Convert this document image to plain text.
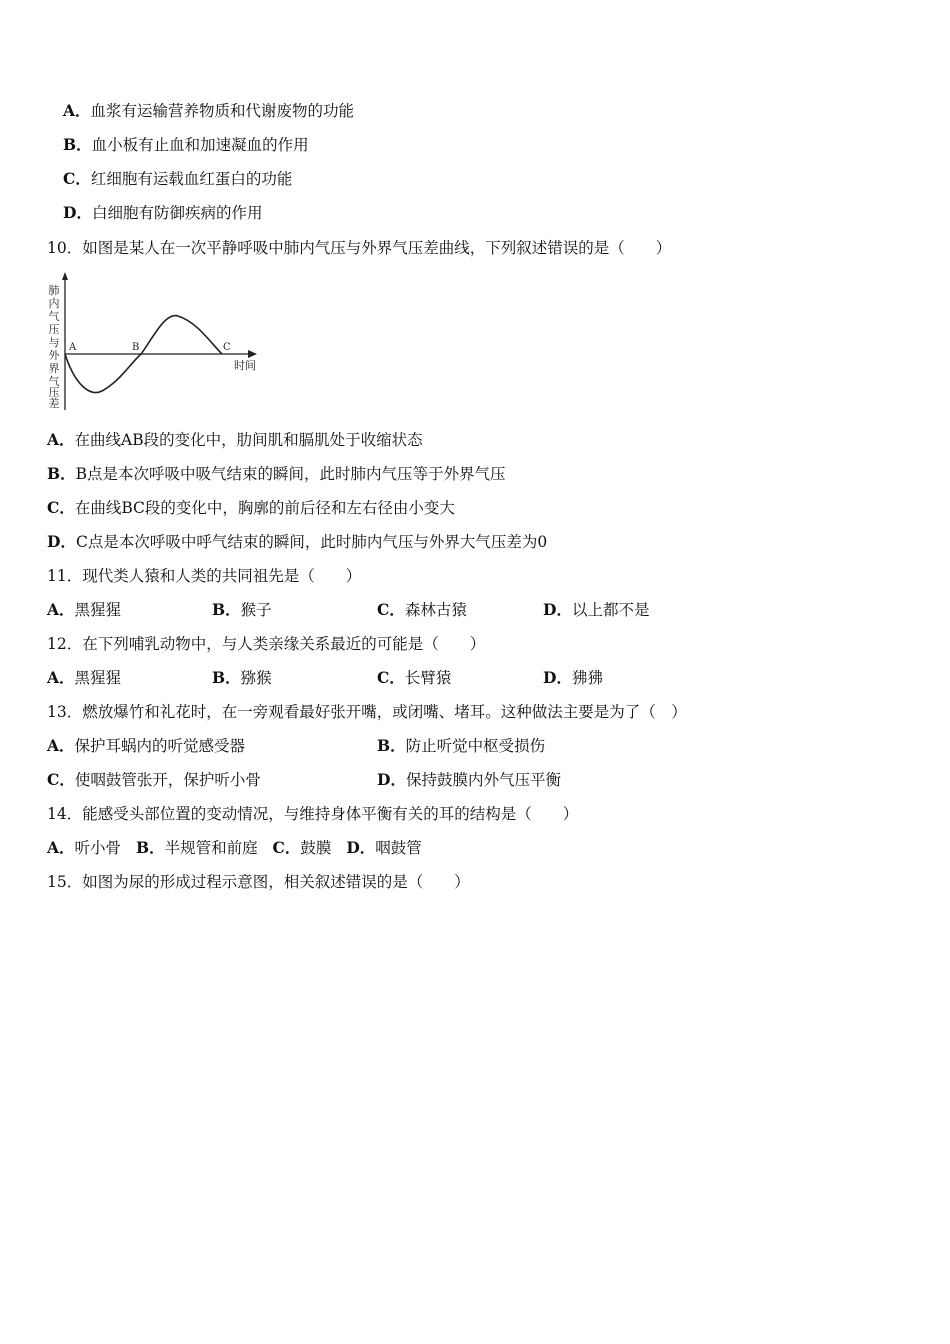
A．血浆有运输营养物质和代谢废物的功能
B．血小板有止血和加速凝血的作用
C．红细胞有运载血红蛋白的功能
D．白细胞有防御疾病的作用
10．如图是某人在一次平静呼吸中肺内气压与外界气压差曲线，下列叙述错误的是（　　）
肺
内
气
压
与
外
界
气
压
差
A	B	C
时间
A．在曲线AB段的变化中，肋间肌和膈肌处于收缩状态
B．B点是本次呼吸中吸气结束的瞬间，此时肺内气压等于外界气压
C．在曲线BC段的变化中，胸廓的前后径和左右径由小变大
D．C点是本次呼吸中呼气结束的瞬间，此时肺内气压与外界大气压差为0
11．现代类人猿和人类的共同祖先是（　　）
A．黑猩猩	B．猴子	C．森林古猿	D．以上都不是
12．在下列哺乳动物中，与人类亲缘关系最近的可能是（　　）
A．黑猩猩	B．猕猴	C．长臂猿	D．狒狒
13．燃放爆竹和礼花时，在一旁观看最好张开嘴，或闭嘴、堵耳。这种做法主要是为了（　）
A．保护耳蜗内的听觉感受器	B．防止听觉中枢受损伤
C．使咽鼓管张开，保护听小骨	D．保持鼓膜内外气压平衡
14．能感受头部位置的变动情况，与维持身体平衡有关的耳的结构是（　　）
A．听小骨 B．半规管和前庭 C．鼓膜 D．咽鼓管
15．如图为尿的形成过程示意图，相关叙述错误的是（　　）
